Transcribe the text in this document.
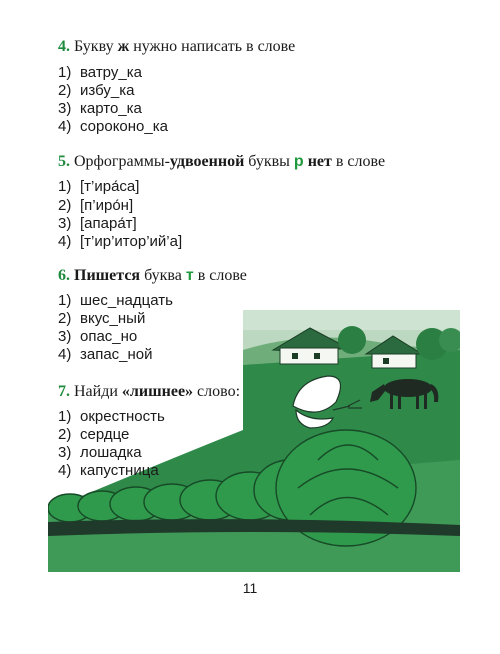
4. Букву ж нужно написать в слове
1) ватру_ка
2) избу_ка
3) карто_ка
4) сороконо_ка
5. Орфограммы-удвоенной буквы р нет в слове
1) [т’ира́са]
2) [п’иро́н]
3) [апара́т]
4) [т’ир’итор’ий’а]
6. Пишется буква т в слове
1) шес_надцать
2) вкус_ный
3) опас_но
4) запас_ной
7. Найди «лишнее» слово:
1) окрестность
2) сердце
3) лошадка
4) капустница
11
